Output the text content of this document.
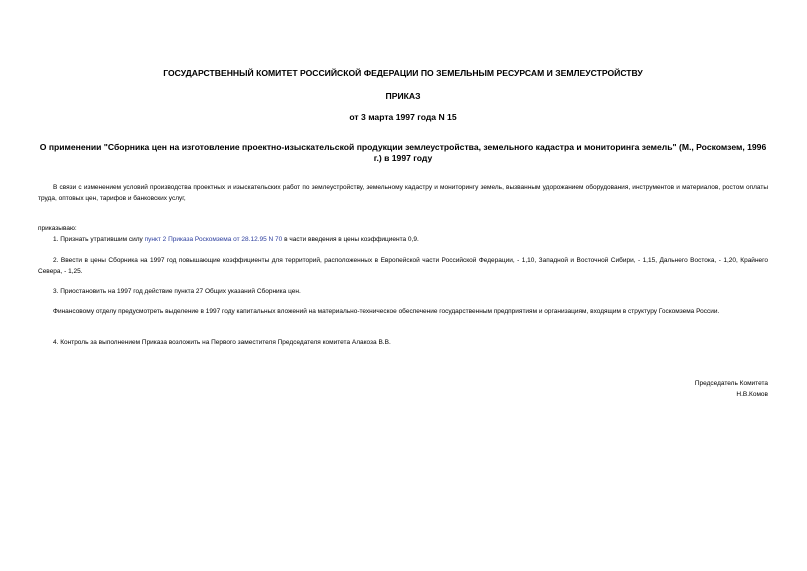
ГОСУДАРСТВЕННЫЙ КОМИТЕТ РОССИЙСКОЙ ФЕДЕРАЦИИ ПО ЗЕМЕЛЬНЫМ РЕСУРСАМ И ЗЕМЛЕУСТРОЙСТВУ

ПРИКАЗ

от 3 марта 1997 года N 15

О применении "Сборника цен на изготовление проектно-изыскательской продукции землеустройства, земельного кадастра и мониторинга земель" (М., Роскомзем, 1996 г.) в 1997 году

В связи с изменением условий производства проектных и изыскательских работ по землеустройству, земельному кадастру и мониторингу земель, вызванным удорожанием оборудования, инструментов и материалов, ростом оплаты труда, оптовых цен, тарифов и банковских услуг,

приказываю:

1. Признать утратившим силу пункт 2 Приказа Роскомзема от 28.12.95 N 70 в части введения в цены коэффициента 0,9.

2. Ввести в цены Сборника на 1997 год повышающие коэффициенты для территорий, расположенных в Европейской части Российской Федерации, - 1,10, Западной и Восточной Сибири, - 1,15, Дальнего Востока, - 1,20, Крайнего Севера, - 1,25.

3. Приостановить на 1997 год действие пункта 27 Общих указаний Сборника цен.

Финансовому отделу предусмотреть выделение в 1997 году капитальных вложений на материально-техническое обеспечение государственным предприятиям и организациям, входящим в структуру Госкомзема России.

4. Контроль за выполнением Приказа возложить на Первого заместителя Председателя комитета Алакоза В.В.

Председатель Комитета

Н.В.Комов
